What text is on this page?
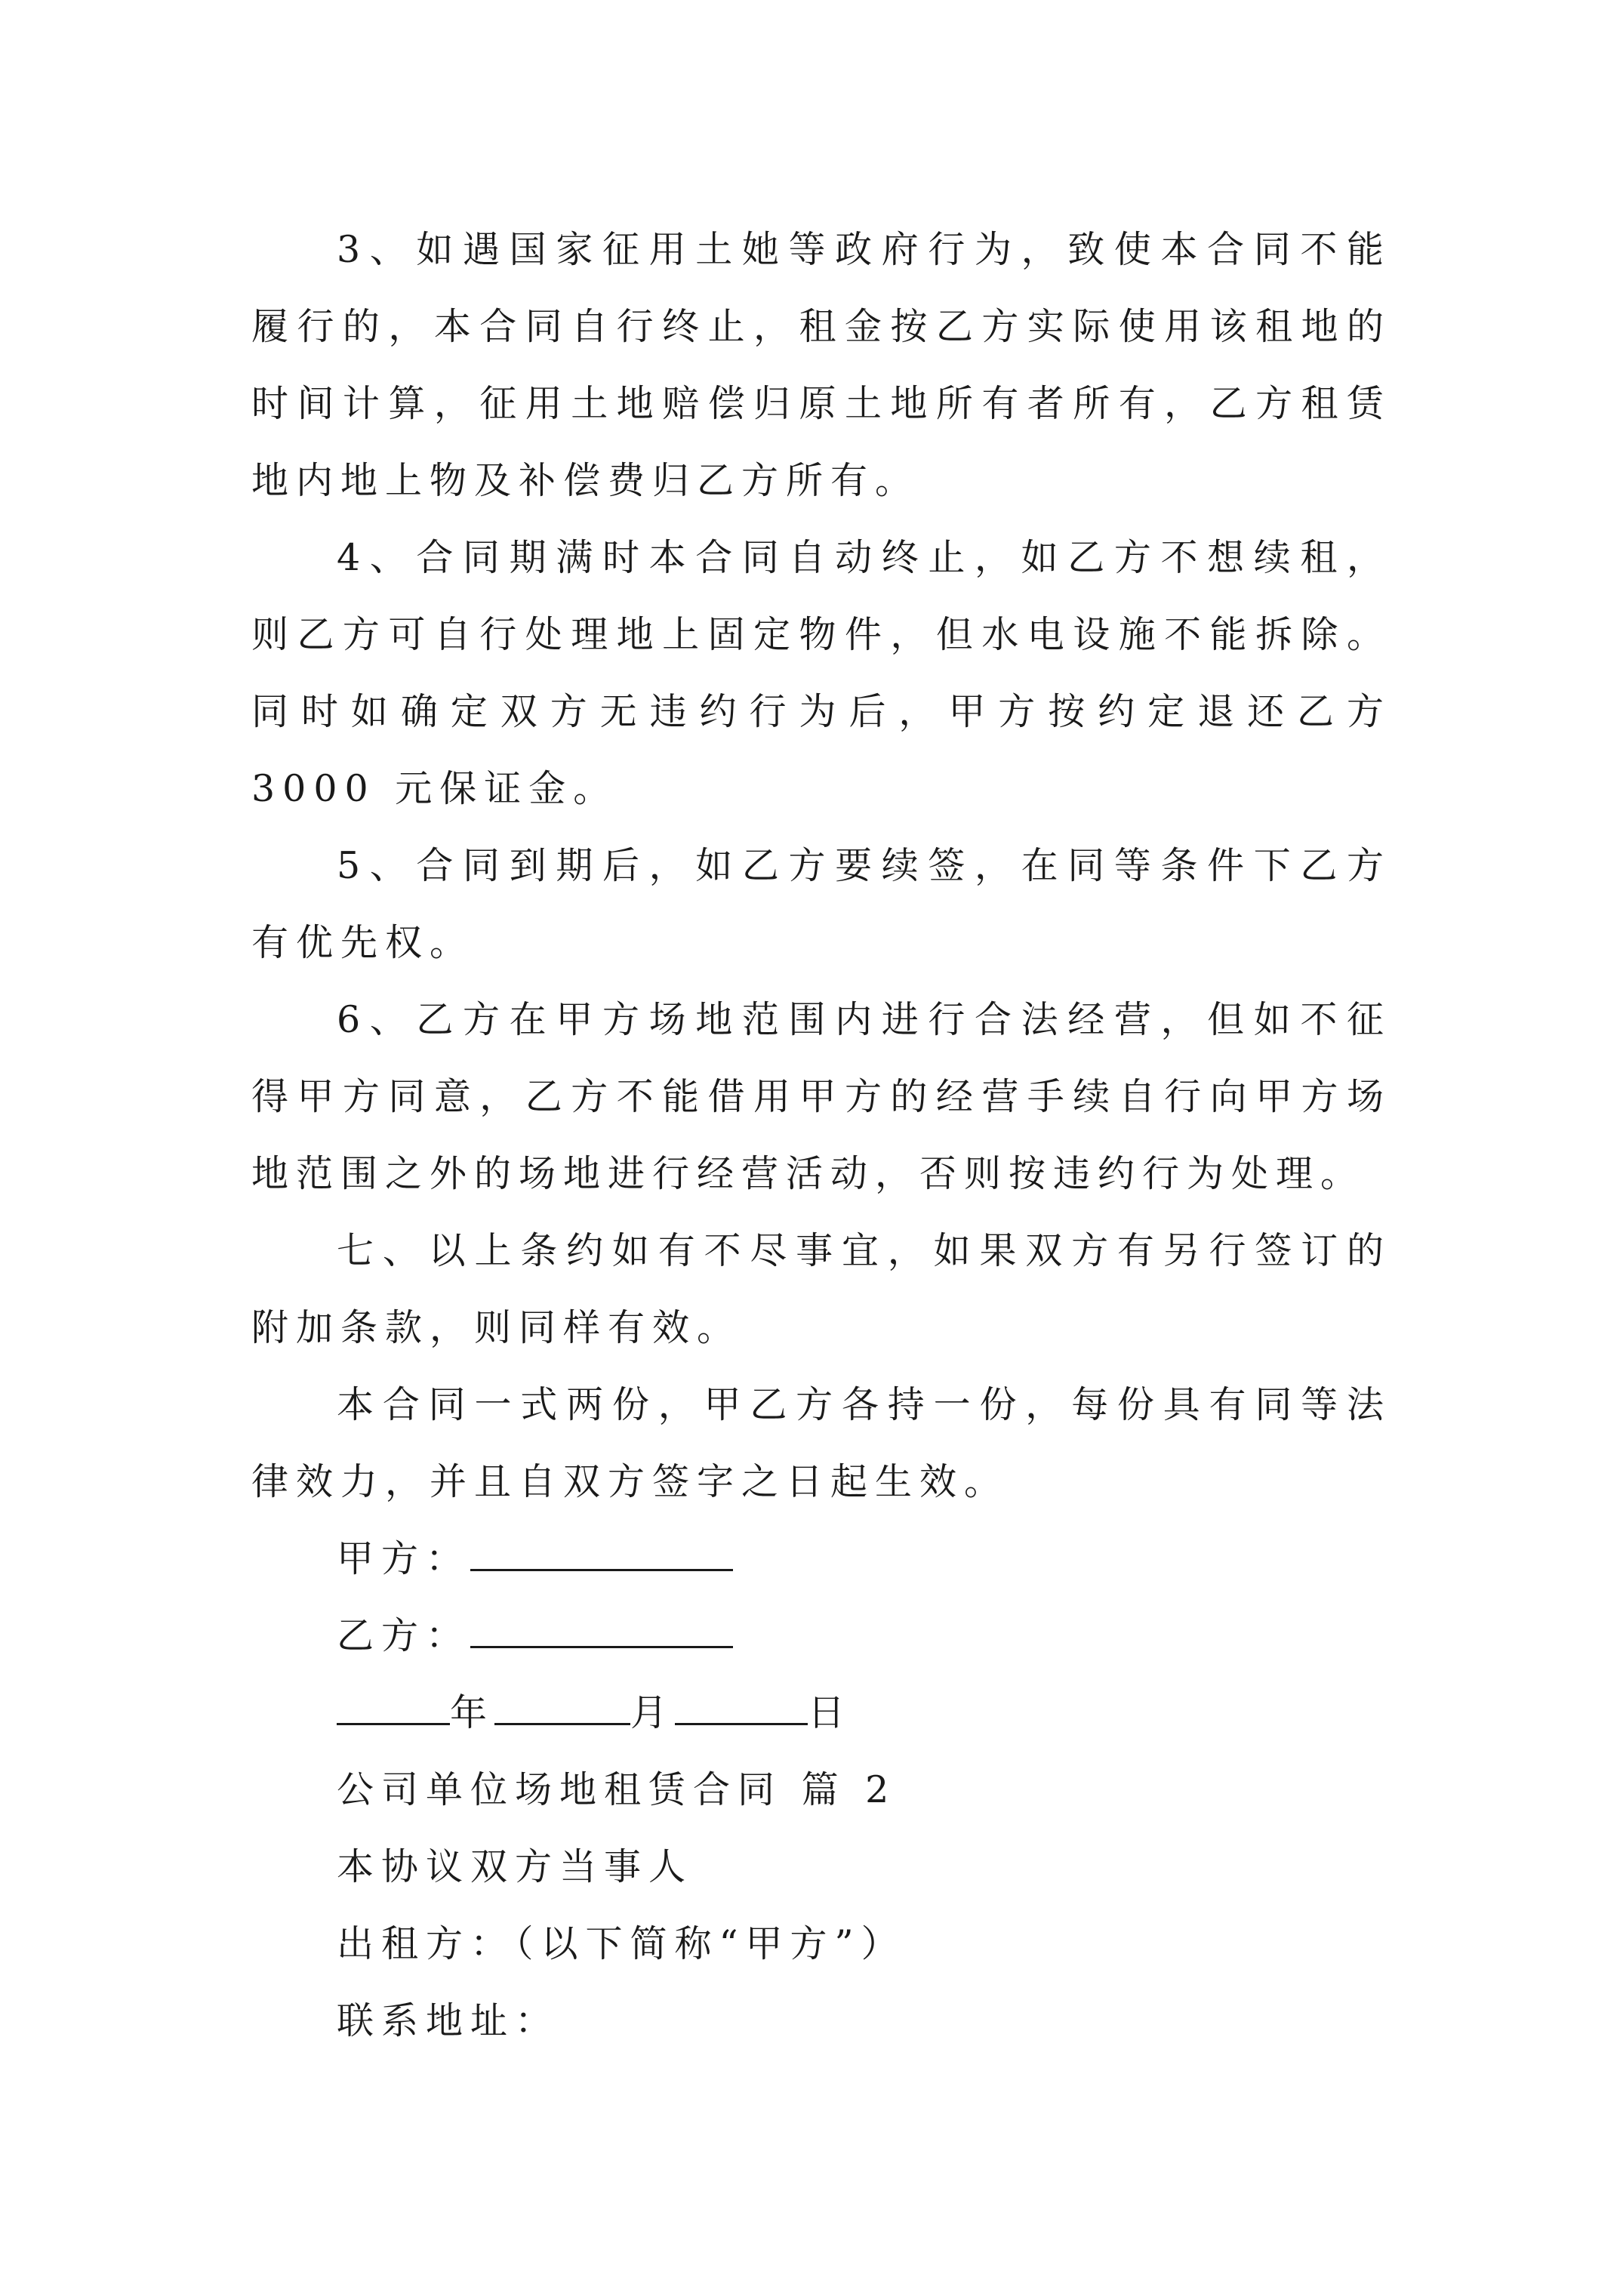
3、如遇国家征用土她等政府行为，致使本合同不能履行的，本合同自行终止，租金按乙方实际使用该租地的时间计算，征用土地赔偿归原土地所有者所有，乙方租赁地内地上物及补偿费归乙方所有。

4、合同期满时本合同自动终止，如乙方不想续租，则乙方可自行处理地上固定物件，但水电设施不能拆除。同时如确定双方无违约行为后，甲方按约定退还乙方 3000 元保证金。

5、合同到期后，如乙方要续签，在同等条件下乙方有优先权。

6、乙方在甲方场地范围内进行合法经营，但如不征得甲方同意，乙方不能借用甲方的经营手续自行向甲方场地范围之外的场地进行经营活动，否则按违约行为处理。

七、以上条约如有不尽事宜，如果双方有另行签订的附加条款，则同样有效。

本合同一式两份，甲乙方各持一份，每份具有同等法律效力，并且自双方签字之日起生效。

甲方：

乙方：

年	月	日

公司单位场地租赁合同 篇 2

本协议双方当事人

出租方：（以下简称“甲方”）

联系地址：
